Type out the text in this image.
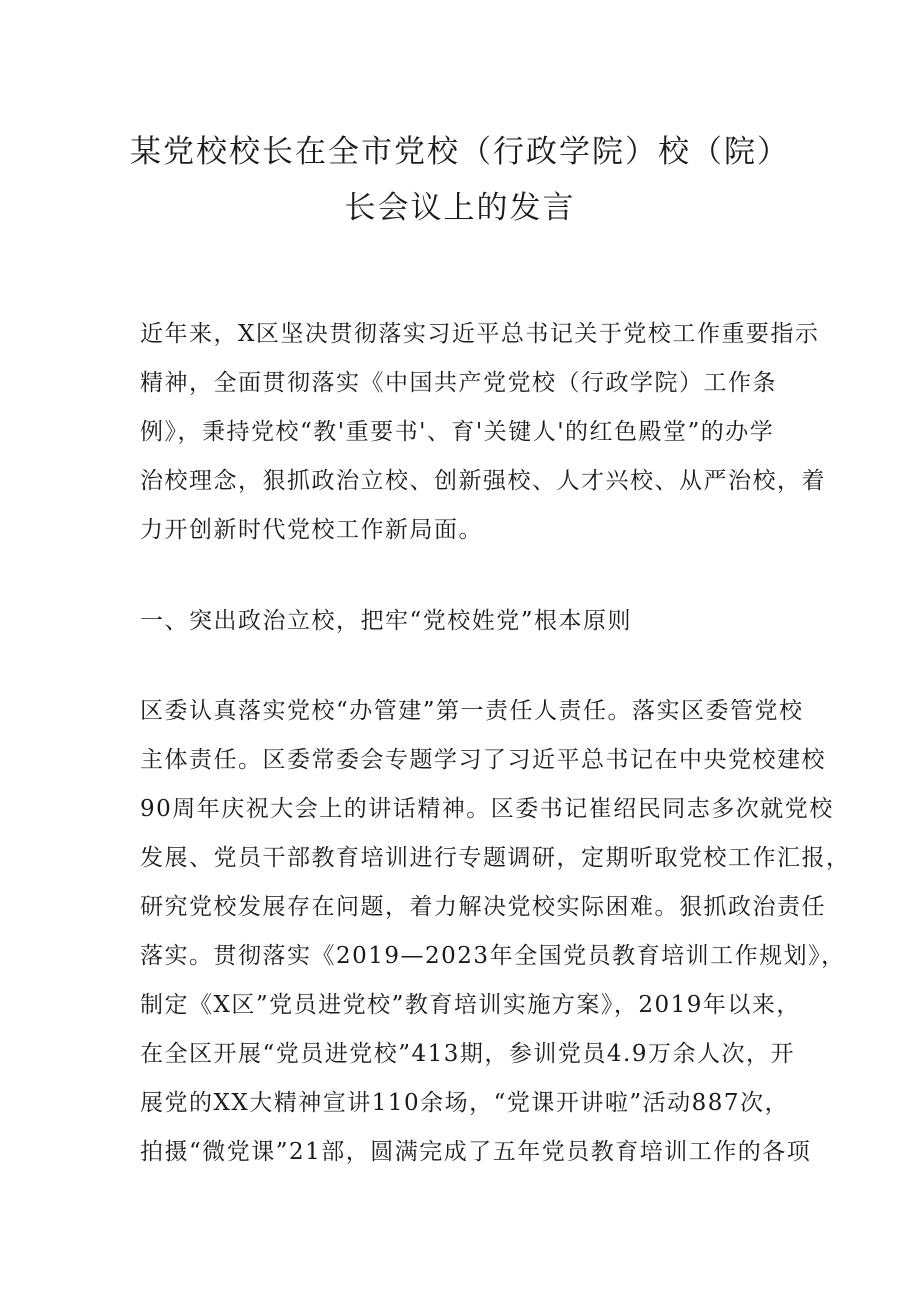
某党校校长在全市党校（行政学院）校（院）
长会议上的发言

近年来，X区坚决贯彻落实习近平总书记关于党校工作重要指示
精神，全面贯彻落实《中国共产党党校（行政学院）工作条
例》，秉持党校“教'重要书'、育'关键人'的红色殿堂”的办学
治校理念，狠抓政治立校、创新强校、人才兴校、从严治校，着
力开创新时代党校工作新局面。

一、突出政治立校，把牢“党校姓党”根本原则

区委认真落实党校“办管建”第一责任人责任。落实区委管党校
主体责任。区委常委会专题学习了习近平总书记在中央党校建校
90周年庆祝大会上的讲话精神。区委书记崔绍民同志多次就党校
发展、党员干部教育培训进行专题调研，定期听取党校工作汇报，
研究党校发展存在问题，着力解决党校实际困难。狠抓政治责任
落实。贯彻落实《2019—2023年全国党员教育培训工作规划》，
制定《X区”党员进党校”教育培训实施方案》，2019年以来，
在全区开展“党员进党校”413期，参训党员4.9万余人次，开
展党的XX大精神宣讲110余场，“党课开讲啦”活动887次，
拍摄“微党课”21部，圆满完成了五年党员教育培训工作的各项
